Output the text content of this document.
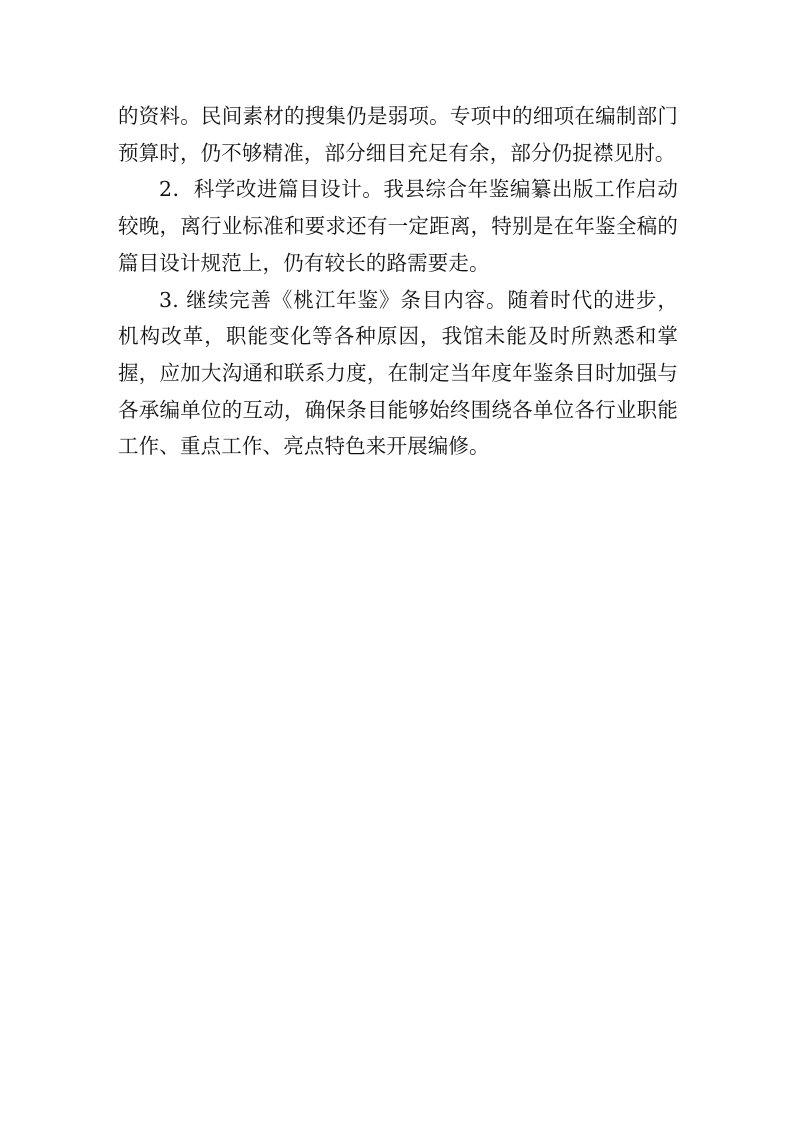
的资料。民间素材的搜集仍是弱项。专项中的细项在编制部门预算时，仍不够精准，部分细目充足有余，部分仍捉襟见肘。

2．科学改进篇目设计。我县综合年鉴编纂出版工作启动较晚，离行业标准和要求还有一定距离，特别是在年鉴全稿的篇目设计规范上，仍有较长的路需要走。

3. 继续完善《桃江年鉴》条目内容。随着时代的进步，机构改革，职能变化等各种原因，我馆未能及时所熟悉和掌握，应加大沟通和联系力度，在制定当年度年鉴条目时加强与各承编单位的互动，确保条目能够始终围绕各单位各行业职能工作、重点工作、亮点特色来开展编修。
